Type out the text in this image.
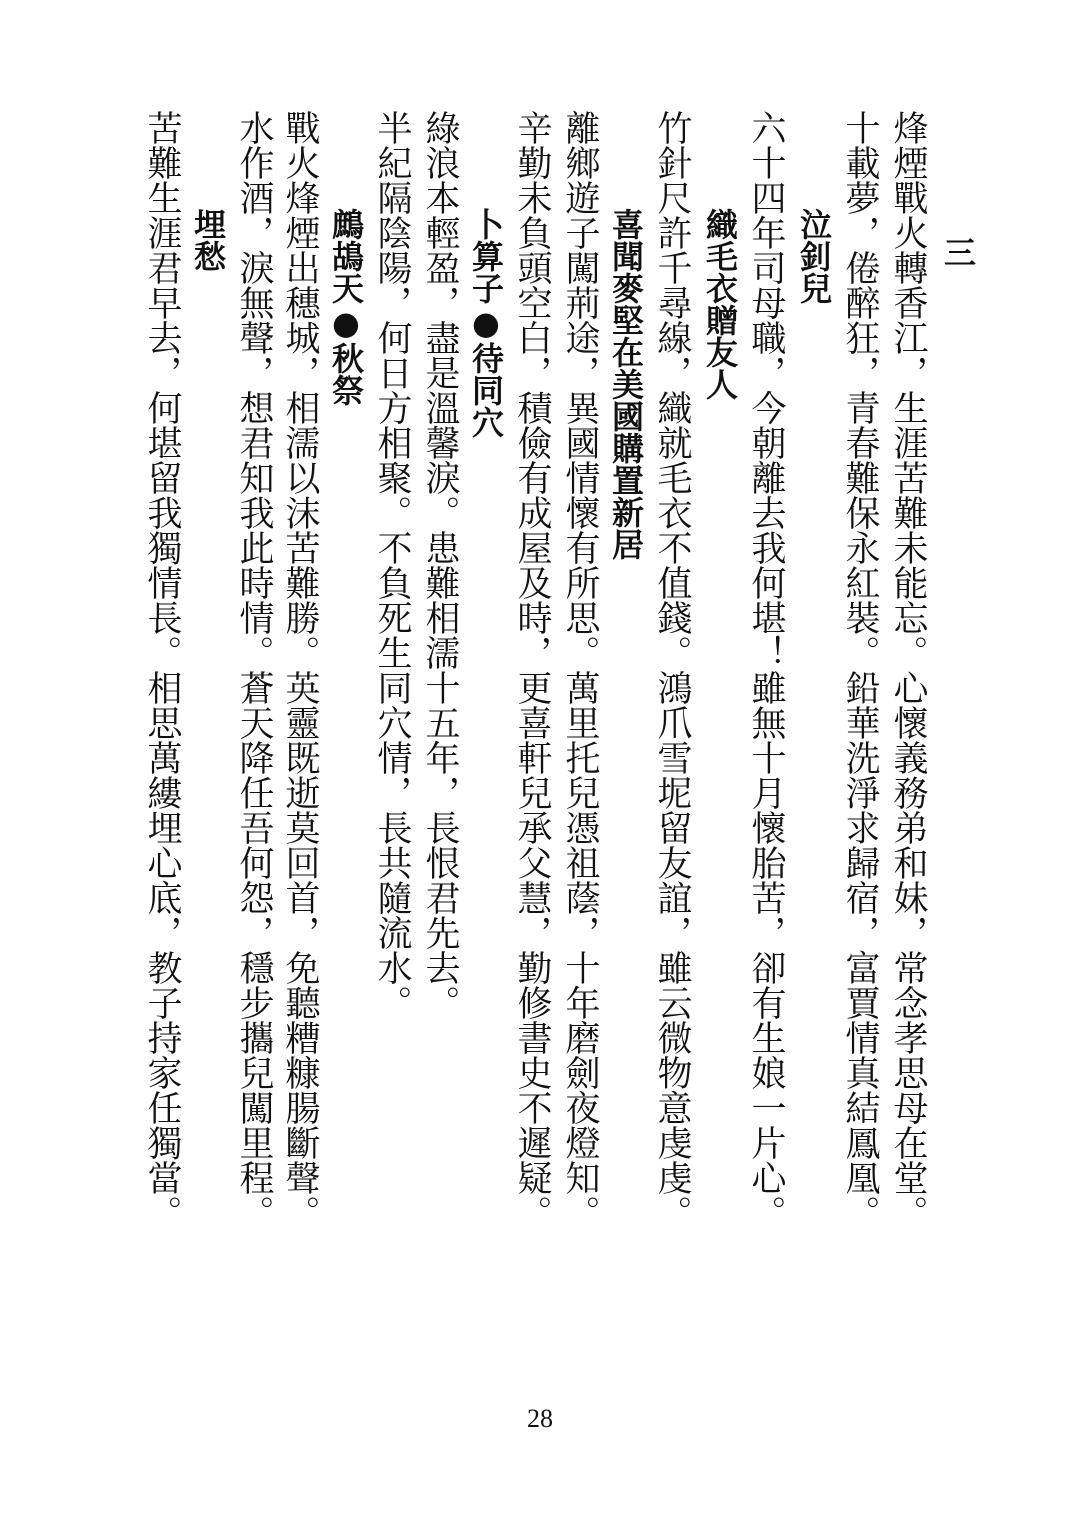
三
烽煙戰火轉香江，生涯苦難未能忘。心懷義務弟和妹，常念孝思母在堂。
十載夢，倦醉狂，青春難保永紅裝。鉛華洗淨求歸宿，富賈情真結鳳凰。
泣釗兒
六十四年司母職，今朝離去我何堪！雖無十月懷胎苦，卻有生娘一片心。
織毛衣贈友人
竹針尺許千尋線，織就毛衣不值錢。鴻爪雪坭留友誼，雖云微物意虔虔。
喜聞麥堅在美國購置新居
離鄉遊子闖荊途，異國情懷有所思。萬里托兒憑祖蔭，十年磨劍夜燈知。
辛勤未負頭空白，積儉有成屋及時，更喜軒兒承父慧，勤修書史不遲疑。
卜算子●待同穴
綠浪本輕盈，盡是溫馨淚。患難相濡十五年，長恨君先去。
半紀隔陰陽，何日方相聚。不負死生同穴情，長共隨流水。
鷓鴣天●秋祭
戰火烽煙出穗城，相濡以沫苦難勝。英靈既逝莫回首，免聽糟糠腸斷聲。
水作酒，淚無聲，想君知我此時情。蒼天降任吾何怨，穩步攜兒闖里程。
埋愁
苦難生涯君早去，何堪留我獨情長。相思萬縷埋心底，教子持家任獨當。
28
